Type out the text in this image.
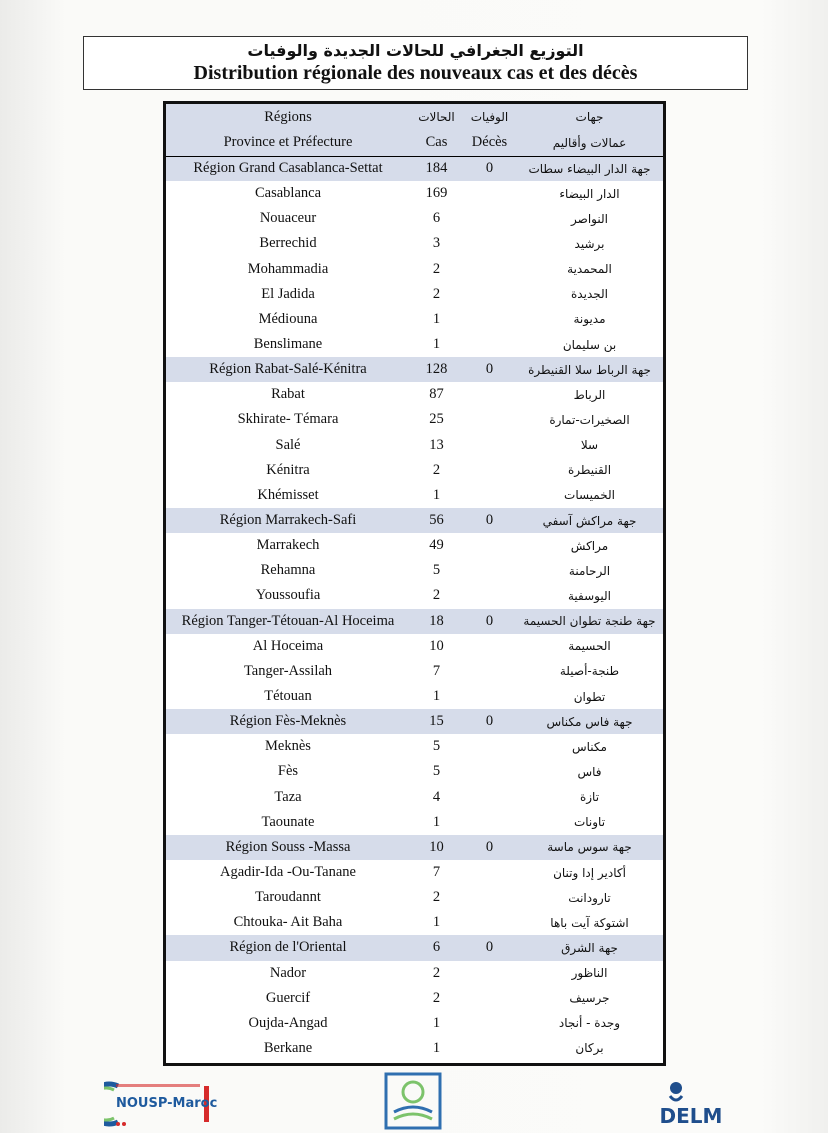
التوزيع الجغرافي للحالات الجديدة والوفيات
Distribution régionale des nouveaux cas et des décès
Régions	الحالات	الوفيات	جهات
Province et Préfecture	Cas	Décès	عمالات وأقاليم
Région Grand Casablanca-Settat	184	0	جهة الدار البيضاء سطات
Casablanca	169		الدار البيضاء
Nouaceur	6		النواصر
Berrechid	3		برشيد
Mohammadia	2		المحمدية
El Jadida	2		الجديدة
Médiouna	1		مديونة
Benslimane	1		بن سليمان
Région Rabat-Salé-Kénitra	128	0	جهة الرباط سلا القنيطرة
Rabat	87		الرباط
Skhirate- Témara	25		الصخيرات-تمارة
Salé	13		سلا
Kénitra	2		القنيطرة
Khémisset	1		الخميسات
Région Marrakech-Safi	56	0	جهة مراكش آسفي
Marrakech	49		مراكش
Rehamna	5		الرحامنة
Youssoufia	2		اليوسفية
Région Tanger-Tétouan-Al Hoceima	18	0	جهة طنجة تطوان الحسيمة
Al Hoceima	10		الحسيمة
Tanger-Assilah	7		طنجة-أصيلة
Tétouan	1		تطوان
Région Fès-Meknès	15	0	جهة فاس مكناس
Meknès	5		مكناس
Fès	5		فاس
Taza	4		تازة
Taounate	1		تاونات
Région Souss -Massa	10	0	جهة سوس ماسة
Agadir-Ida -Ou-Tanane	7		أكادير إدا وتنان
Taroudannt	2		تارودانت
Chtouka- Ait Baha	1		اشتوكة آيت باها
Région de l'Oriental	6	0	جهة الشرق
Nador	2		الناظور
Guercif	2		جرسيف
Oujda-Angad	1		وجدة - أنجاد
Berkane	1		بركان
NOUSP-Maroc
DELM
